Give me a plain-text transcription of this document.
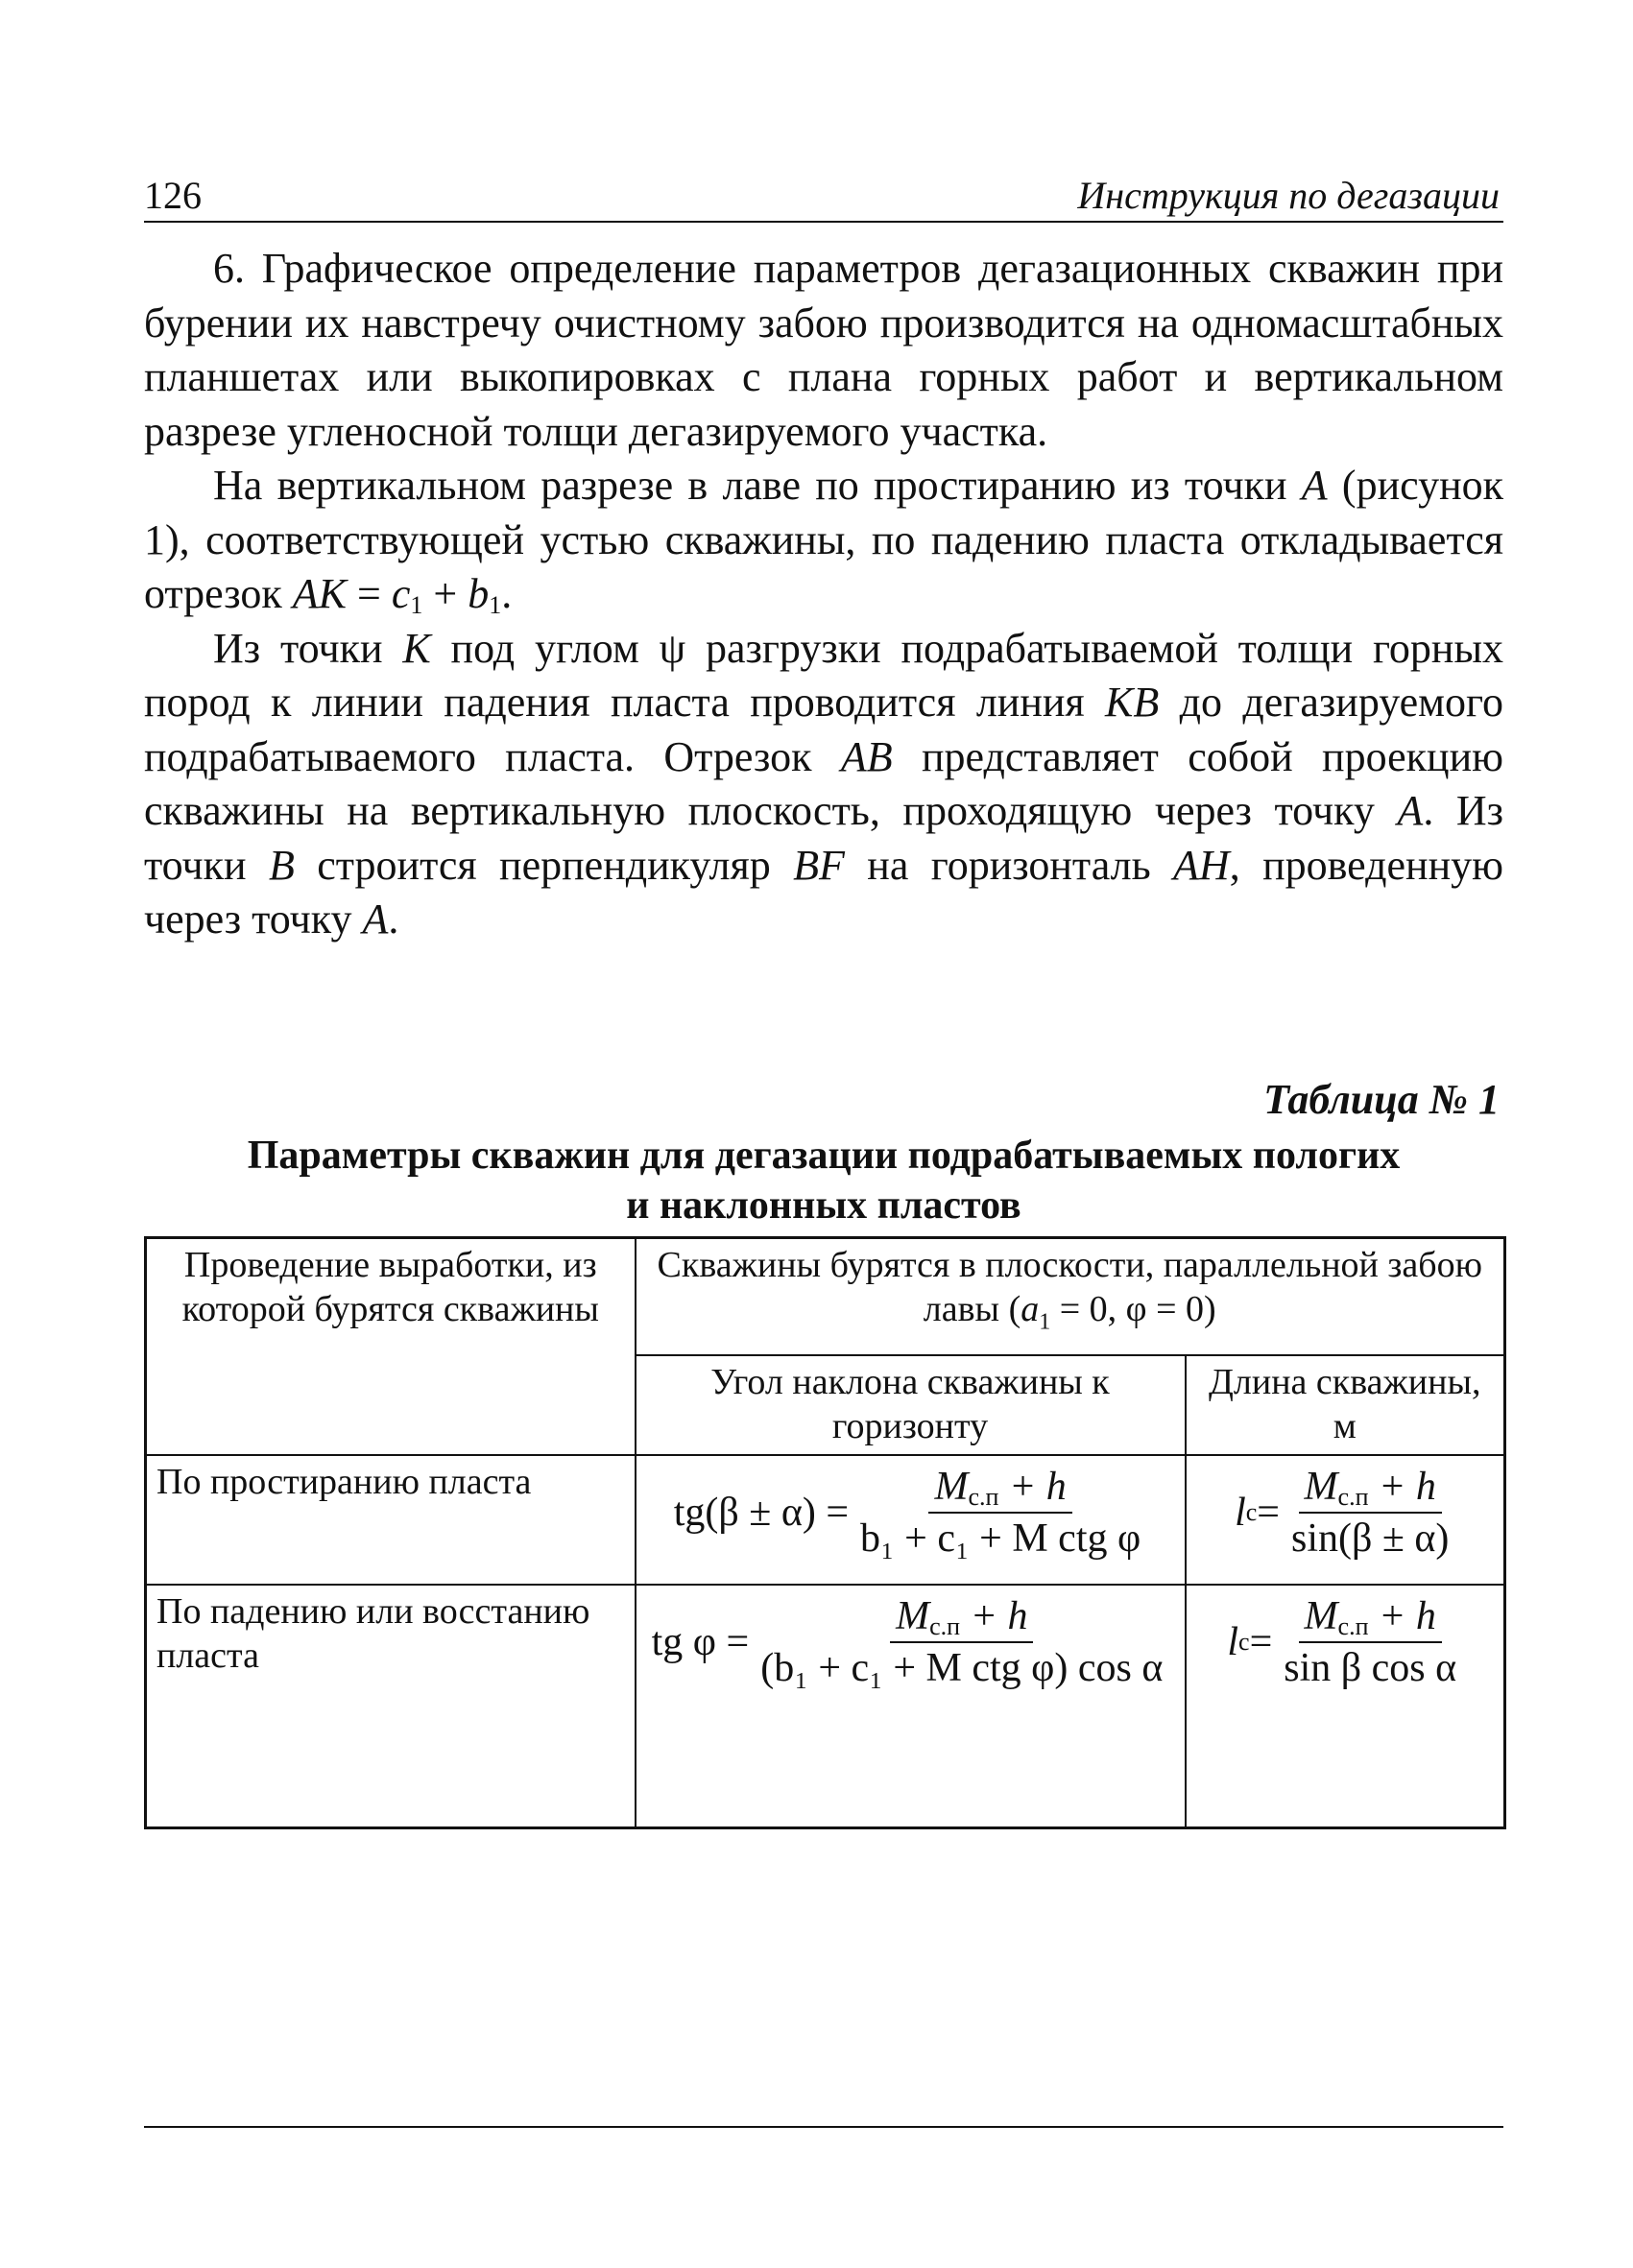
126	Инструкция по дегазации

6. Графическое определение параметров дегазационных скважин при бурении их навстречу очистному забою производится на одномасштабных планшетах или выкопировках с плана горных работ и вертикальном разрезе угленосной толщи дегазируемого участка.

На вертикальном разрезе в лаве по простиранию из точки A (рисунок 1), соответствующей устью скважины, по падению пласта откладывается отрезок AK = $c_1 + b_1$.

Из точки K под углом ψ разгрузки подрабатываемой толщи горных пород к линии падения пласта проводится линия KB до дегазируемого подрабатываемого пласта. Отрезок AB представляет собой проекцию скважины на вертикальную плоскость, проходящую через точку A. Из точки B строится перпендикуляр BF на горизонталь AH, проведенную через точку A.

Таблица № 1
Параметры скважин для дегазации подрабатываемых пологих
и наклонных пластов
Проведение выработки, из которой бурятся скважины	Скважины бурятся в плоскости, параллельной забою лавы ($a_1 = 0$, φ = 0)	
	Угол наклона скважины к горизонту	Длина скважины, м
По простиранию пласта	$tg(\beta \pm \alpha) = \frac{M_{с.п} + h}{\text{b₁ + c₁ + M ctg φ}}$	l $c = \frac{M_{с.п} + h}{\sin(\beta \pm \alpha)}$

По падению или восстанию пласта	tg $\varphi = \frac{M_{с.п} + h}{\text{(b₁ + c₁ + M ctg φ) cos α}}$	l $c = \frac{M_{с.п} + h}{\text{sin β cos α}}$
